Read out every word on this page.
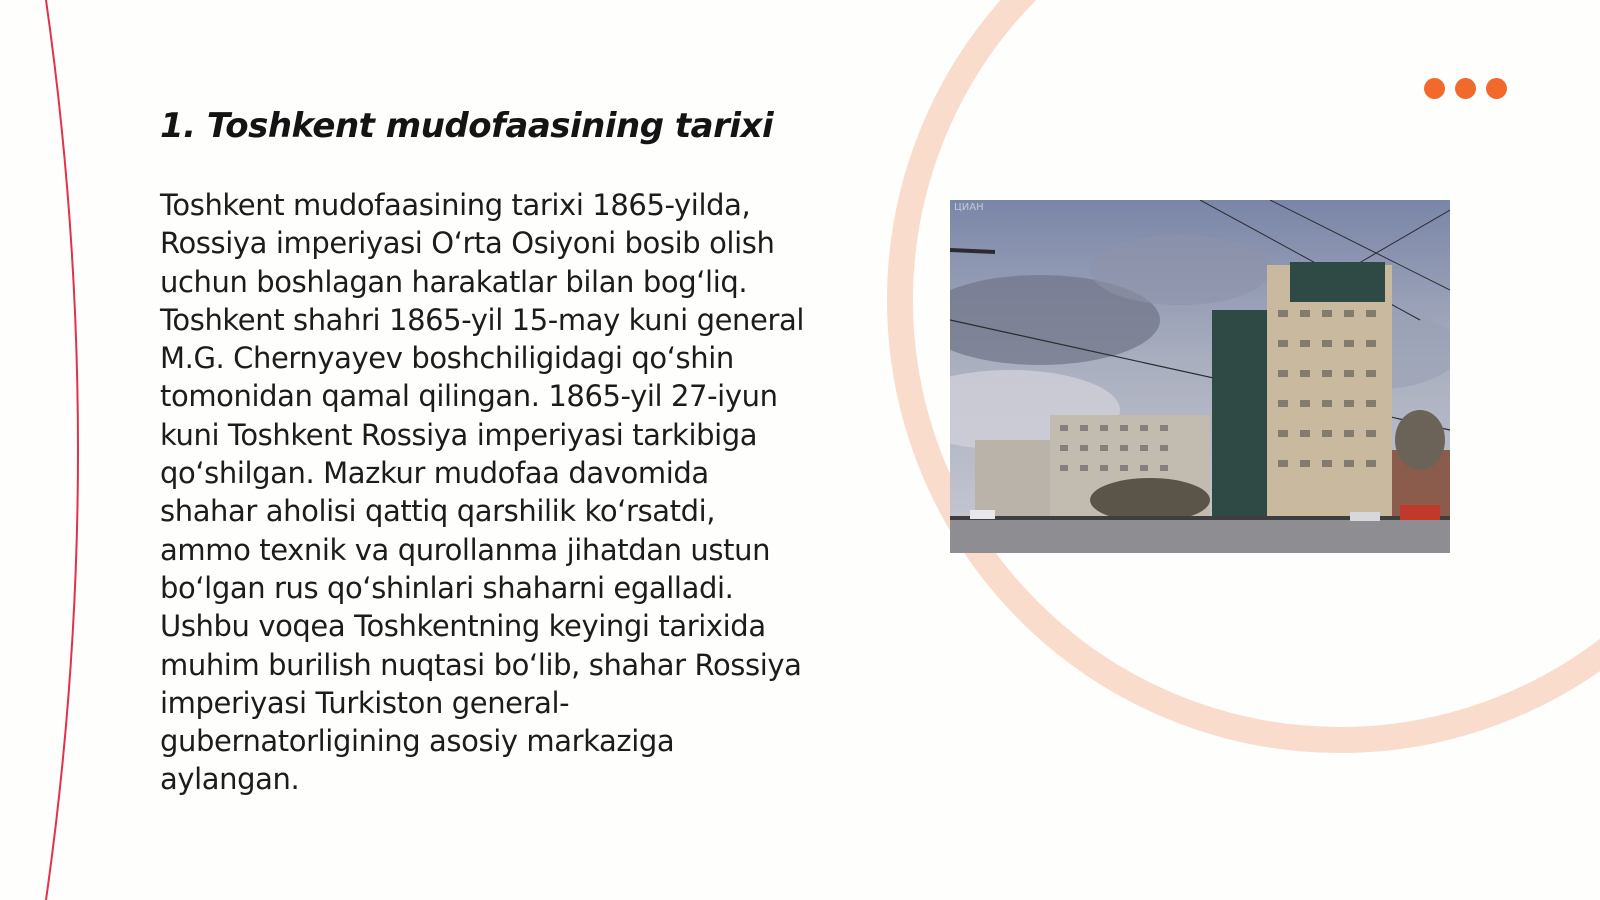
1. Toshkent mudofaasining tarixi
Toshkent mudofaasining tarixi 1865-yilda,
Rossiya imperiyasi O‘rta Osiyoni bosib olish
uchun boshlagan harakatlar bilan bog‘liq.
Toshkent shahri 1865-yil 15-may kuni general
M.G. Chernyayev boshchiligidagi qo‘shin
tomonidan qamal qilingan. 1865-yil 27-iyun
kuni Toshkent Rossiya imperiyasi tarkibiga
qo‘shilgan. Mazkur mudofaa davomida
shahar aholisi qattiq qarshilik ko‘rsatdi,
ammo texnik va qurollanma jihatdan ustun
bo‘lgan rus qo‘shinlari shaharni egalladi.
Ushbu voqea Toshkentning keyingi tarixida
muhim burilish nuqtasi bo‘lib, shahar Rossiya
imperiyasi Turkiston general-
gubernatorligining asosiy markaziga
aylangan.
ЦИАН
